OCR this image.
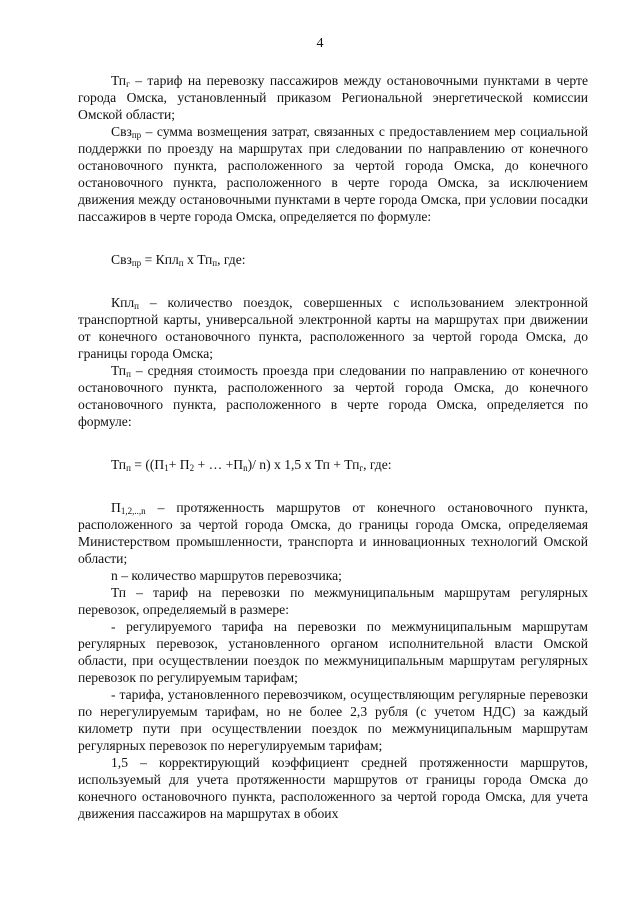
4

$Тп_г$ – тариф на перевозку пассажиров между остановочными пунктами в черте города Омска, установленный приказом Региональной энергетической комиссии Омской области;

Свз$_{пр}$ – сумма возмещения затрат, связанных с предоставлением мер социальной поддержки по проезду на маршрутах при следовании по направлению от конечного остановочного пункта, расположенного за чертой города Омска, до конечного остановочного пункта, расположенного в черте города Омска, за исключением движения между остановочными пунктами в черте города Омска, при условии посадки пассажиров в черте города Омска, определяется по формуле:

Свз$_{пр}$ = Кпл$_п$ х $Тп_п$, где:

Кпл$_п$ – количество поездок, совершенных с использованием электронной транспортной карты, универсальной электронной карты на маршрутах при движении от конечного остановочного пункта, расположенного за чертой города Омска, до границы города Омска;

$Тп_п$ – средняя стоимость проезда при следовании по направлению от конечного остановочного пункта, расположенного за чертой города Омска, до конечного остановочного пункта, расположенного в черте города Омска, определяется по формуле:

$Тп_п = ((П_1+ П_2$ + … $+П_n)/$ n) х 1,5 х Тп + $Тп_г$, где:

$П_{1,2,..,n}$ – протяженность маршрутов от конечного остановочного пункта, расположенного за чертой города Омска, до границы города Омска, определяемая Министерством промышленности, транспорта и инновационных технологий Омской области;

n – количество маршрутов перевозчика;

Тп – тариф на перевозки по межмуниципальным маршрутам регулярных перевозок, определяемый в размере:

- регулируемого тарифа на перевозки по межмуниципальным маршрутам регулярных перевозок, установленного органом исполнительной власти Омской области, при осуществлении поездок по межмуниципальным маршрутам регулярных перевозок по регулируемым тарифам;

- тарифа, установленного перевозчиком, осуществляющим регулярные перевозки по нерегулируемым тарифам, но не более 2,3 рубля (с учетом НДС) за каждый километр пути при осуществлении поездок по межмуниципальным маршрутам регулярных перевозок по нерегулируемым тарифам;

1,5 – корректирующий коэффициент средней протяженности маршрутов, используемый для учета протяженности маршрутов от границы города Омска до конечного остановочного пункта, расположенного за чертой города Омска, для учета движения пассажиров на маршрутах в обоих
